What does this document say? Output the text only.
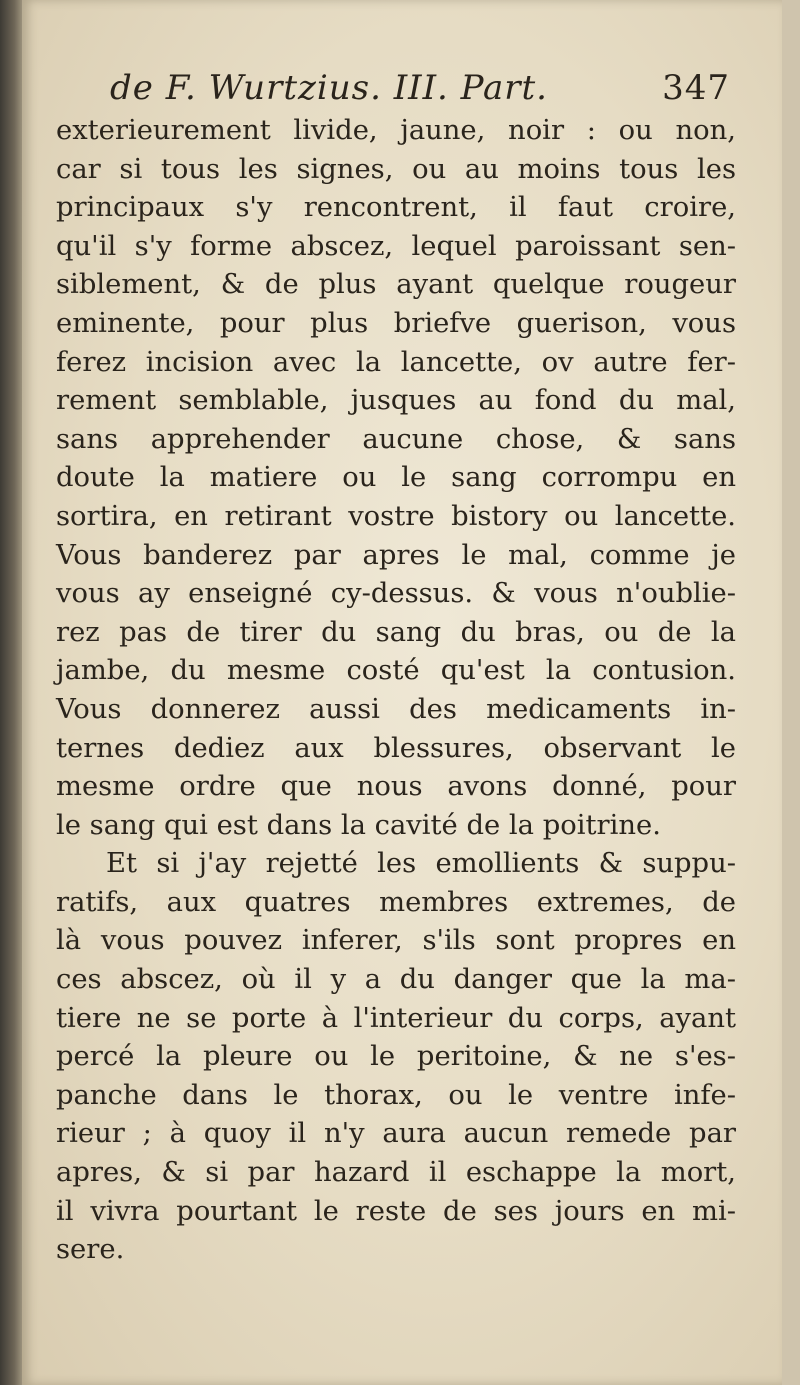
de F. Wurtzius. III. Part.	347
exterieurement livide, jaune, noir : ou non,
car si tous les signes, ou au moins tous les
principaux s'y rencontrent, il faut croire,
qu'il s'y forme abscez, lequel paroissant sen-
siblement, & de plus ayant quelque rougeur
eminente, pour plus briefve guerison, vous
ferez incision avec la lancette, ov autre fer-
rement semblable, jusques au fond du mal,
sans apprehender aucune chose, & sans
doute la matiere ou le sang corrompu en
sortira, en retirant vostre bistory ou lancette.
Vous banderez par apres le mal, comme je
vous ay enseigné cy-dessus. & vous n'oublie-
rez pas de tirer du sang du bras, ou de la
jambe, du mesme costé qu'est la contusion.
Vous donnerez aussi des medicaments in-
ternes dediez aux blessures, observant le
mesme ordre que nous avons donné, pour
le sang qui est dans la cavité de la poitrine.
Et si j'ay rejetté les emollients & suppu-
ratifs, aux quatres membres extremes, de
là vous pouvez inferer, s'ils sont propres en
ces abscez, où il y a du danger que la ma-
tiere ne se porte à l'interieur du corps, ayant
percé la pleure ou le peritoine, & ne s'es-
panche dans le thorax, ou le ventre infe-
rieur ; à quoy il n'y aura aucun remede par
apres, & si par hazard il eschappe la mort,
il vivra pourtant le reste de ses jours en mi-
sere.
